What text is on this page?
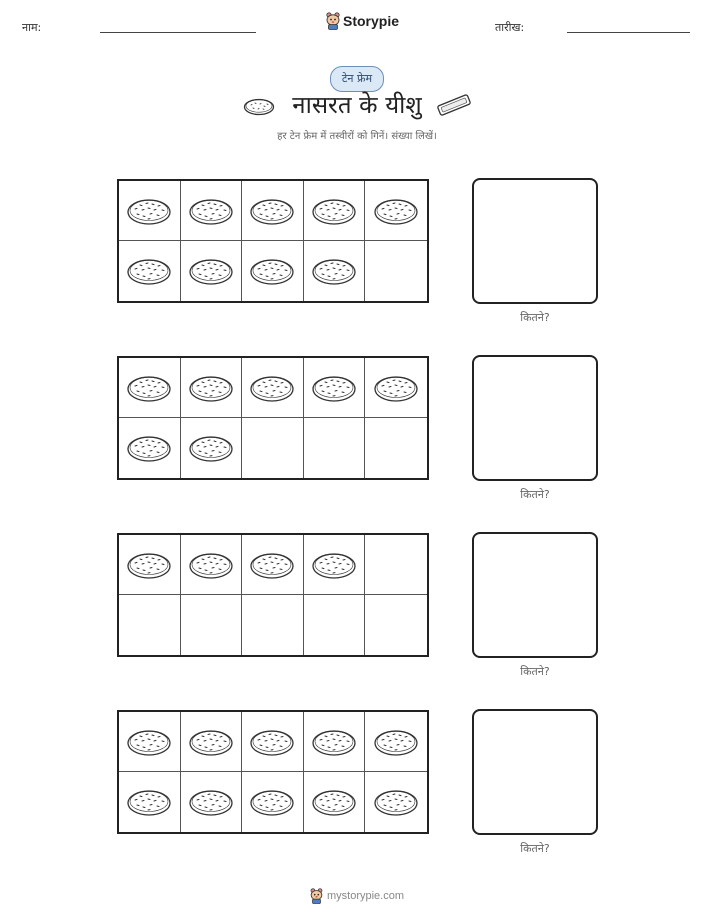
नाम:	तारीख:
Storypie
टेन फ्रेम
नासरत के यीशु
हर टेन फ्रेम में तस्वीरों को गिनें। संख्या लिखें।
कितने?
कितने?
कितने?
कितने?
mystorypie.com
